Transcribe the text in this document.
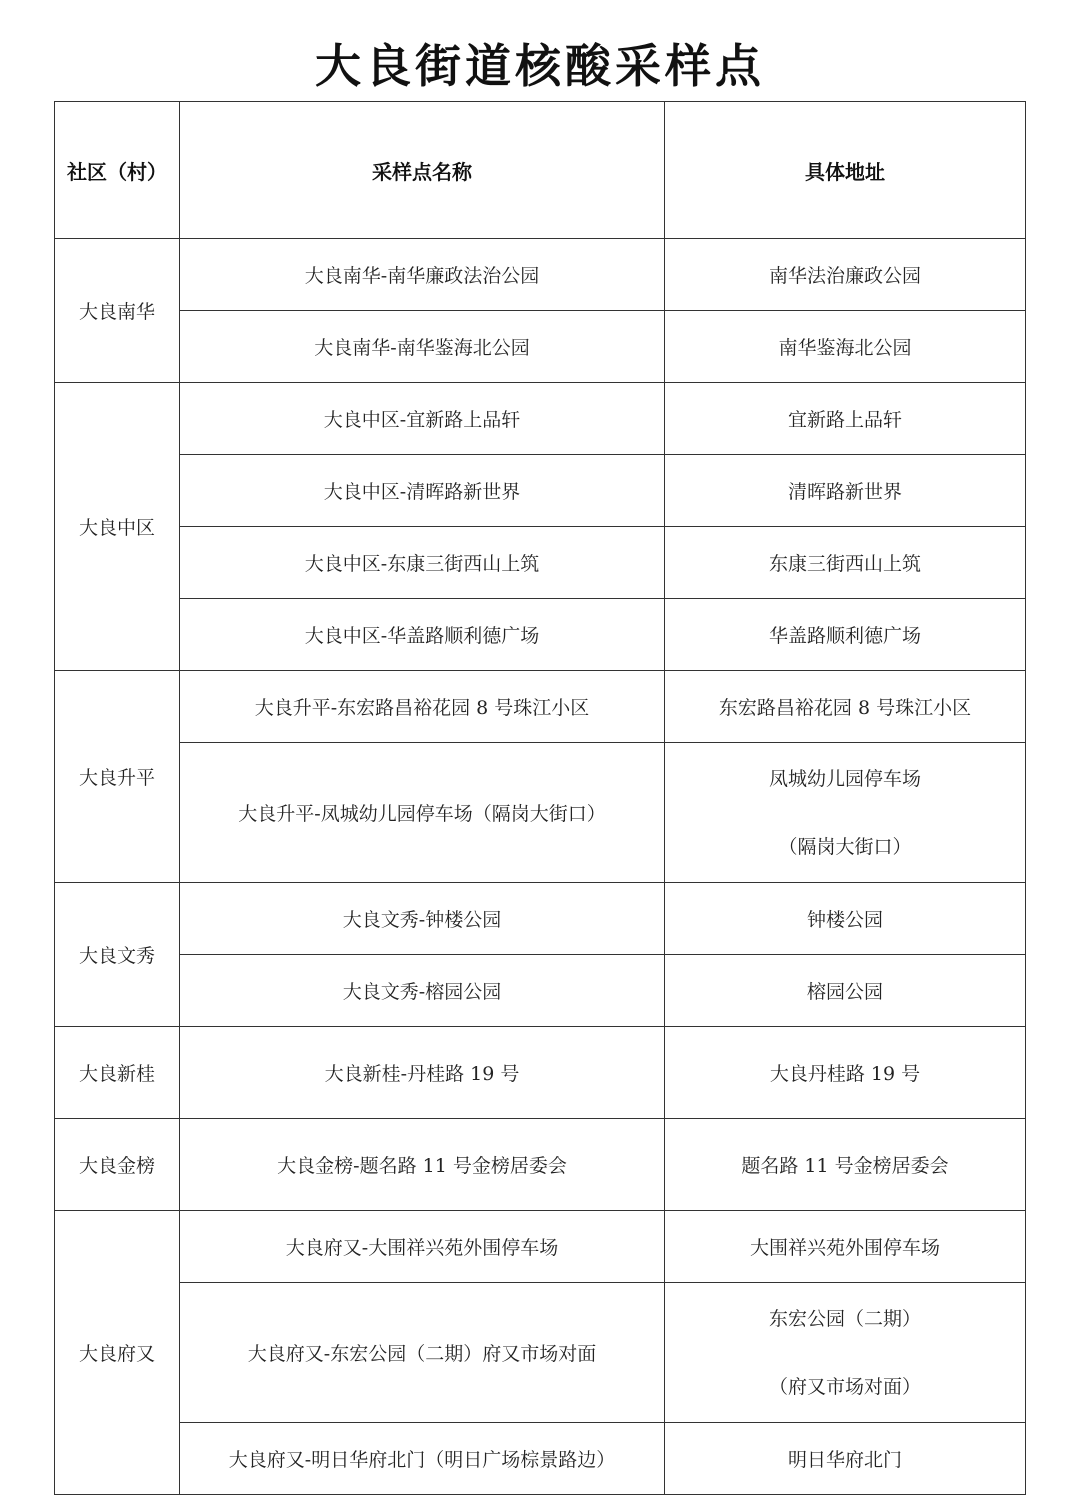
大良街道核酸采样点
社区（村）	采样点名称	具体地址
大良南华	大良南华-南华廉政法治公园	南华法治廉政公园
	大良南华-南华鉴海北公园	南华鉴海北公园
大良中区	大良中区-宜新路上品轩	宜新路上品轩
	大良中区-清晖路新世界	清晖路新世界
	大良中区-东康三街西山上筑	东康三街西山上筑
	大良中区-华盖路顺利德广场	华盖路顺利德广场
大良升平	大良升平-东宏路昌裕花园 8 号珠江小区	东宏路昌裕花园 8 号珠江小区
	大良升平-凤城幼儿园停车场（隔岗大街口）	凤城幼儿园停车场
（隔岗大街口）

大良文秀	大良文秀-钟楼公园	钟楼公园
	大良文秀-榕园公园	榕园公园
大良新桂	大良新桂-丹桂路 19 号	大良丹桂路 19 号
大良金榜	大良金榜-题名路 11 号金榜居委会	题名路 11 号金榜居委会
大良府又	大良府又-大围祥兴苑外围停车场	大围祥兴苑外围停车场
	大良府又-东宏公园（二期）府又市场对面	东宏公园（二期）
（府又市场对面）

	大良府又-明日华府北门（明日广场棕景路边）	明日华府北门
